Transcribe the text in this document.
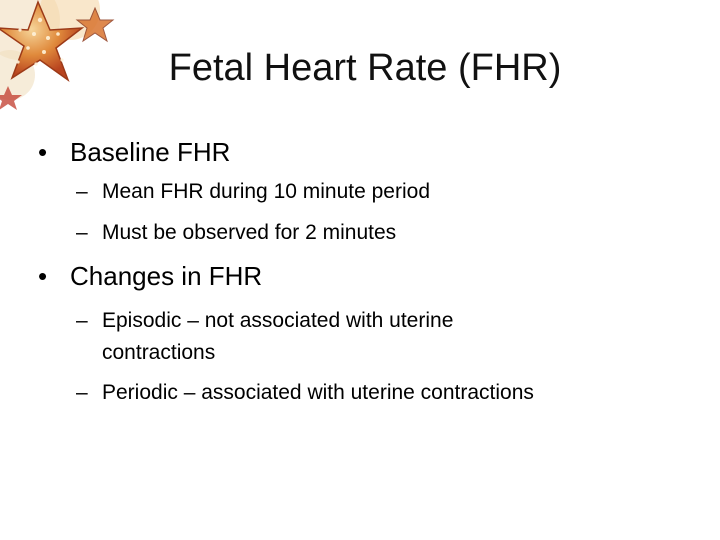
Fetal Heart Rate (FHR)
• Baseline FHR
– Mean FHR during 10 minute period
– Must be observed for 2 minutes
• Changes in FHR
– Episodic – not associated with uterine
contractions
– Periodic – associated with uterine contractions
